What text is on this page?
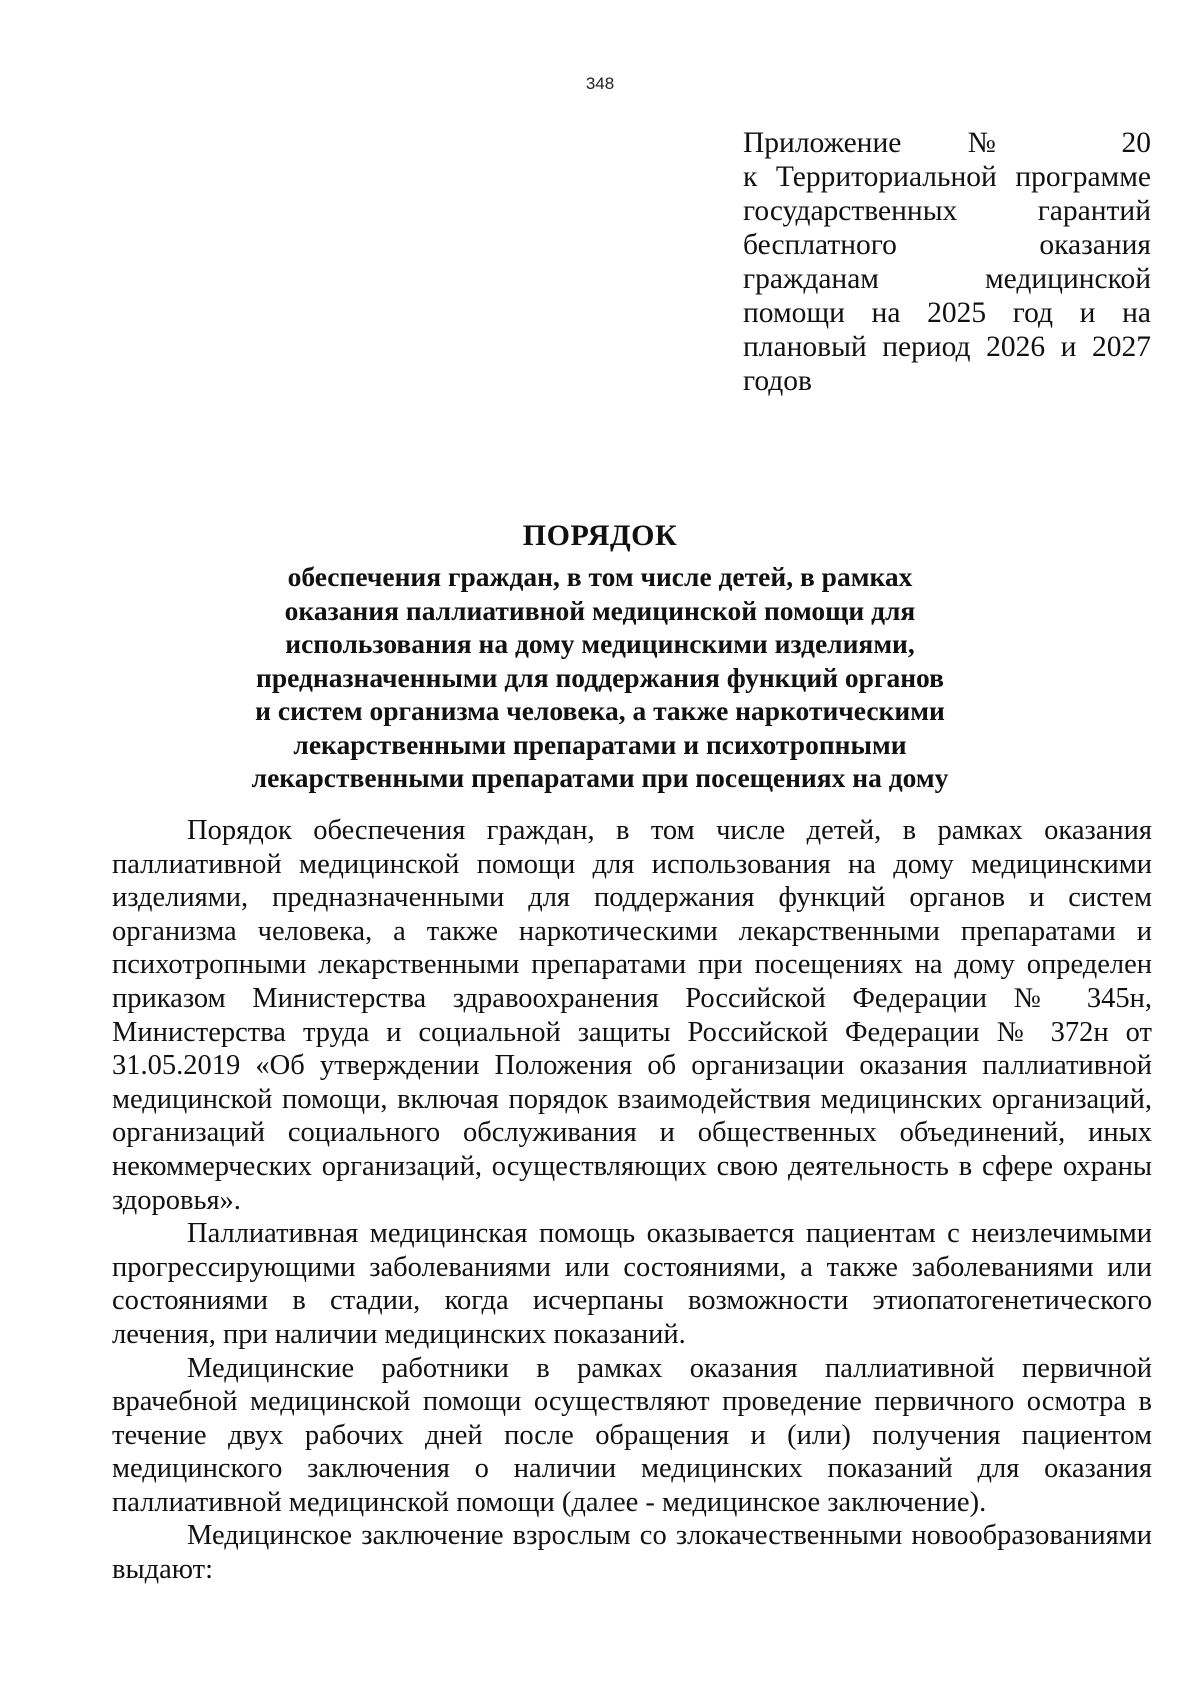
348
Приложение № 20
к Территориальной программе
государственных гарантий
бесплатного оказания
гражданам медицинской
помощи на 2025 год и на
плановый период 2026 и 2027
годов
ПОРЯДОК
обеспечения граждан, в том числе детей, в рамках
оказания паллиативной медицинской помощи для
использования на дому медицинскими изделиями,
предназначенными для поддержания функций органов
и систем организма человека, а также наркотическими
лекарственными препаратами и психотропными
лекарственными препаратами при посещениях на дому
Порядок обеспечения граждан, в том числе детей, в рамках оказания
паллиативной медицинской помощи для использования на дому медицинскими
изделиями, предназначенными для поддержания функций органов и систем
организма человека, а также наркотическими лекарственными препаратами и
психотропными лекарственными препаратами при посещениях на дому определен
приказом Министерства здравоохранения Российской Федерации № 345н,
Министерства труда и социальной защиты Российской Федерации № 372н от
31.05.2019 «Об утверждении Положения об организации оказания паллиативной
медицинской помощи, включая порядок взаимодействия медицинских организаций,
организаций социального обслуживания и общественных объединений, иных
некоммерческих организаций, осуществляющих свою деятельность в сфере охраны
здоровья».
Паллиативная медицинская помощь оказывается пациентам с неизлечимыми
прогрессирующими заболеваниями или состояниями, а также заболеваниями или
состояниями в стадии, когда исчерпаны возможности этиопатогенетического
лечения, при наличии медицинских показаний.
Медицинские работники в рамках оказания паллиативной первичной
врачебной медицинской помощи осуществляют проведение первичного осмотра в
течение двух рабочих дней после обращения и (или) получения пациентом
медицинского заключения о наличии медицинских показаний для оказания
паллиативной медицинской помощи (далее - медицинское заключение).
Медицинское заключение взрослым со злокачественными новообразованиями
выдают:
